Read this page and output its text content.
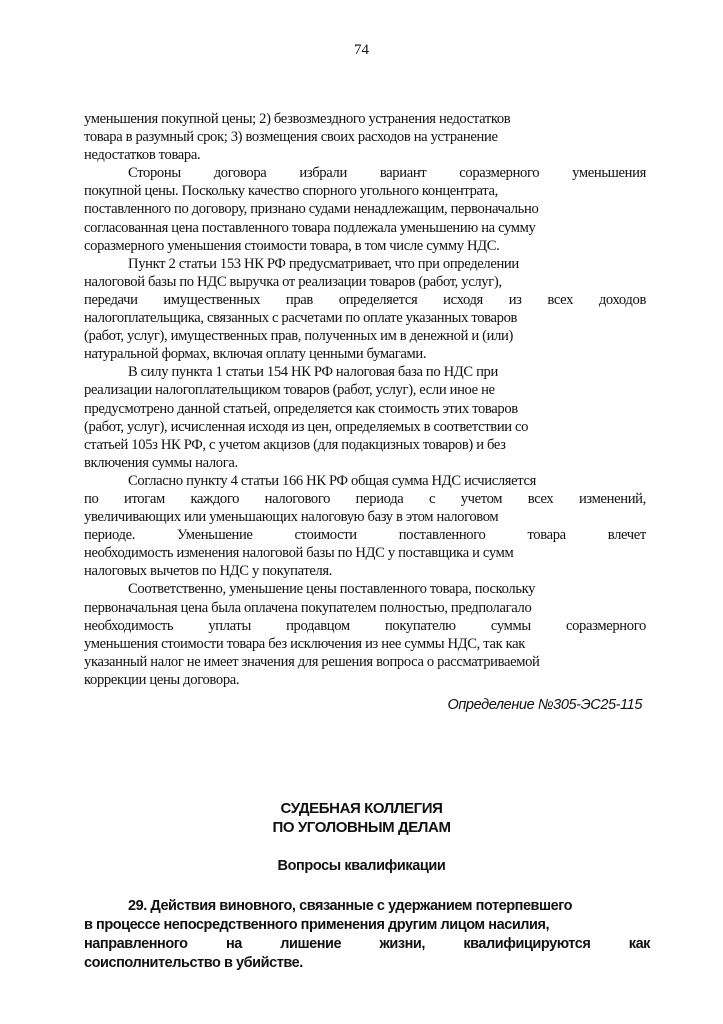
74
уменьшения покупной цены; 2) безвозмездного устранения недостатков
товара в разумный срок; 3) возмещения своих расходов на устранение
недостатков товара.
Стороны договора избрали вариант соразмерного уменьшения
покупной цены. Поскольку качество спорного угольного концентрата,
поставленного по договору, признано судами ненадлежащим, первоначально
согласованная цена поставленного товара подлежала уменьшению на сумму
соразмерного уменьшения стоимости товара, в том числе сумму НДС.
Пункт 2 статьи 153 НК РФ предусматривает, что при определении
налоговой базы по НДС выручка от реализации товаров (работ, услуг),
передачи имущественных прав определяется исходя из всех доходов
налогоплательщика, связанных с расчетами по оплате указанных товаров
(работ, услуг), имущественных прав, полученных им в денежной и (или)
натуральной формах, включая оплату ценными бумагами.
В силу пункта 1 статьи 154 НК РФ налоговая база по НДС при
реализации налогоплательщиком товаров (работ, услуг), если иное не
предусмотрено данной статьей, определяется как стоимость этих товаров
(работ, услуг), исчисленная исходя из цен, определяемых в соответствии со
статьей 105з НК РФ, с учетом акцизов (для подакцизных товаров) и без
включения суммы налога.
Согласно пункту 4 статьи 166 НК РФ общая сумма НДС исчисляется
по итогам каждого налогового периода с учетом всех изменений,
увеличивающих или уменьшающих налоговую базу в этом налоговом
периоде.	Уменьшение	стоимости	поставленного	товара	влечет
необходимость изменения налоговой базы по НДС у поставщика и сумм
налоговых вычетов по НДС у покупателя.
Соответственно, уменьшение цены поставленного товара, поскольку
первоначальная цена была оплачена покупателем полностью, предполагало
необходимость уплаты продавцом покупателю суммы соразмерного
уменьшения стоимости товара без исключения из нее суммы НДС, так как
указанный налог не имеет значения для решения вопроса о рассматриваемой
коррекции цены договора.
Определение №305-ЭС25-115
СУДЕБНАЯ КОЛЛЕГИЯ
ПО УГОЛОВНЫМ ДЕЛАМ
Вопросы квалификации
29. Действия виновного, связанные с удержанием потерпевшего
в процессе непосредственного применения другим лицом насилия,
направленного	на	лишение	жизни,	квалифицируются	как
соисполнительство в убийстве.
